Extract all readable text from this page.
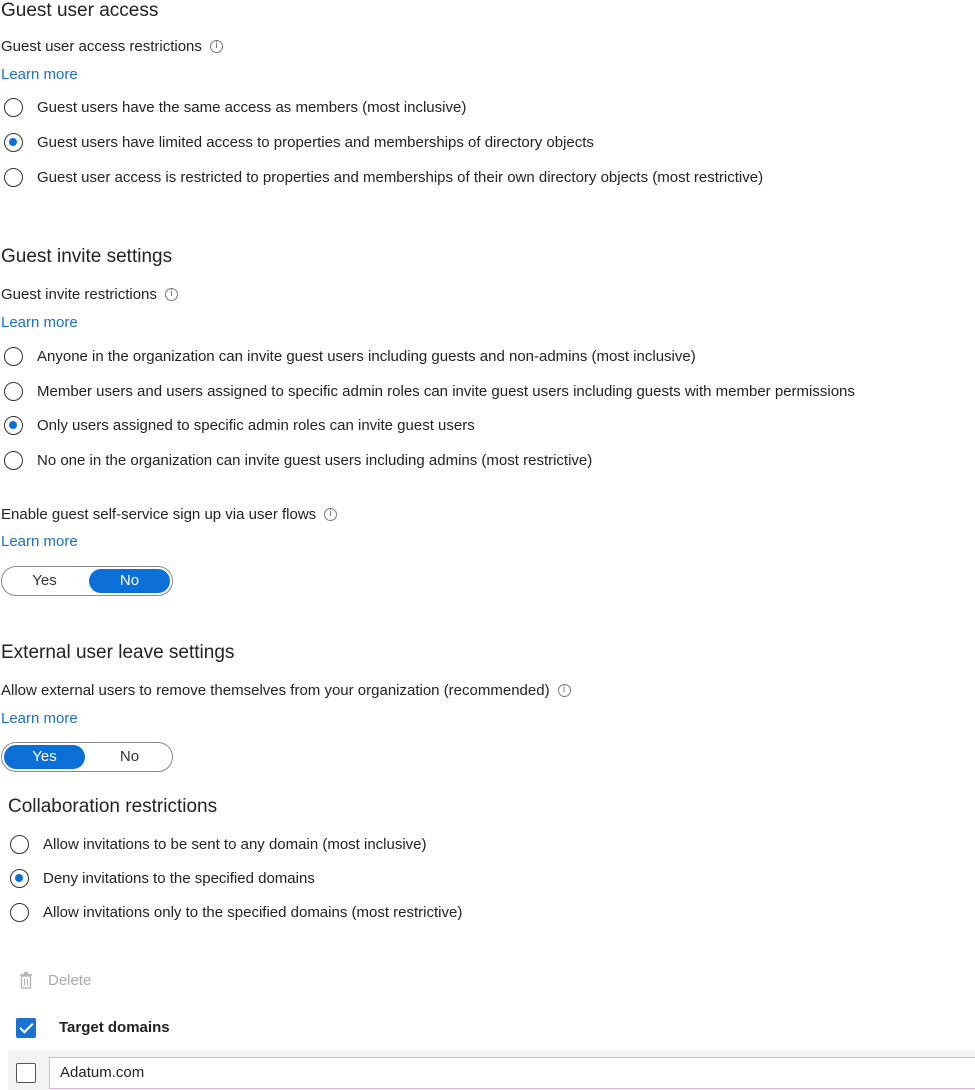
Guest user access
Guest user access restrictions	i
Learn more
Guest users have the same access as members (most inclusive)
Guest users have limited access to properties and memberships of directory objects
Guest user access is restricted to properties and memberships of their own directory objects (most restrictive)
Guest invite settings
Guest invite restrictions	i
Learn more
Anyone in the organization can invite guest users including guests and non-admins (most inclusive)
Member users and users assigned to specific admin roles can invite guest users including guests with member permissions
Only users assigned to specific admin roles can invite guest users
No one in the organization can invite guest users including admins (most restrictive)
Enable guest self-service sign up via user flows	i
Learn more
Yes	No
External user leave settings
Allow external users to remove themselves from your organization (recommended)	i
Learn more
Yes	No
Collaboration restrictions
Allow invitations to be sent to any domain (most inclusive)
Deny invitations to the specified domains
Allow invitations only to the specified domains (most restrictive)
Delete
Target domains
Adatum.com
